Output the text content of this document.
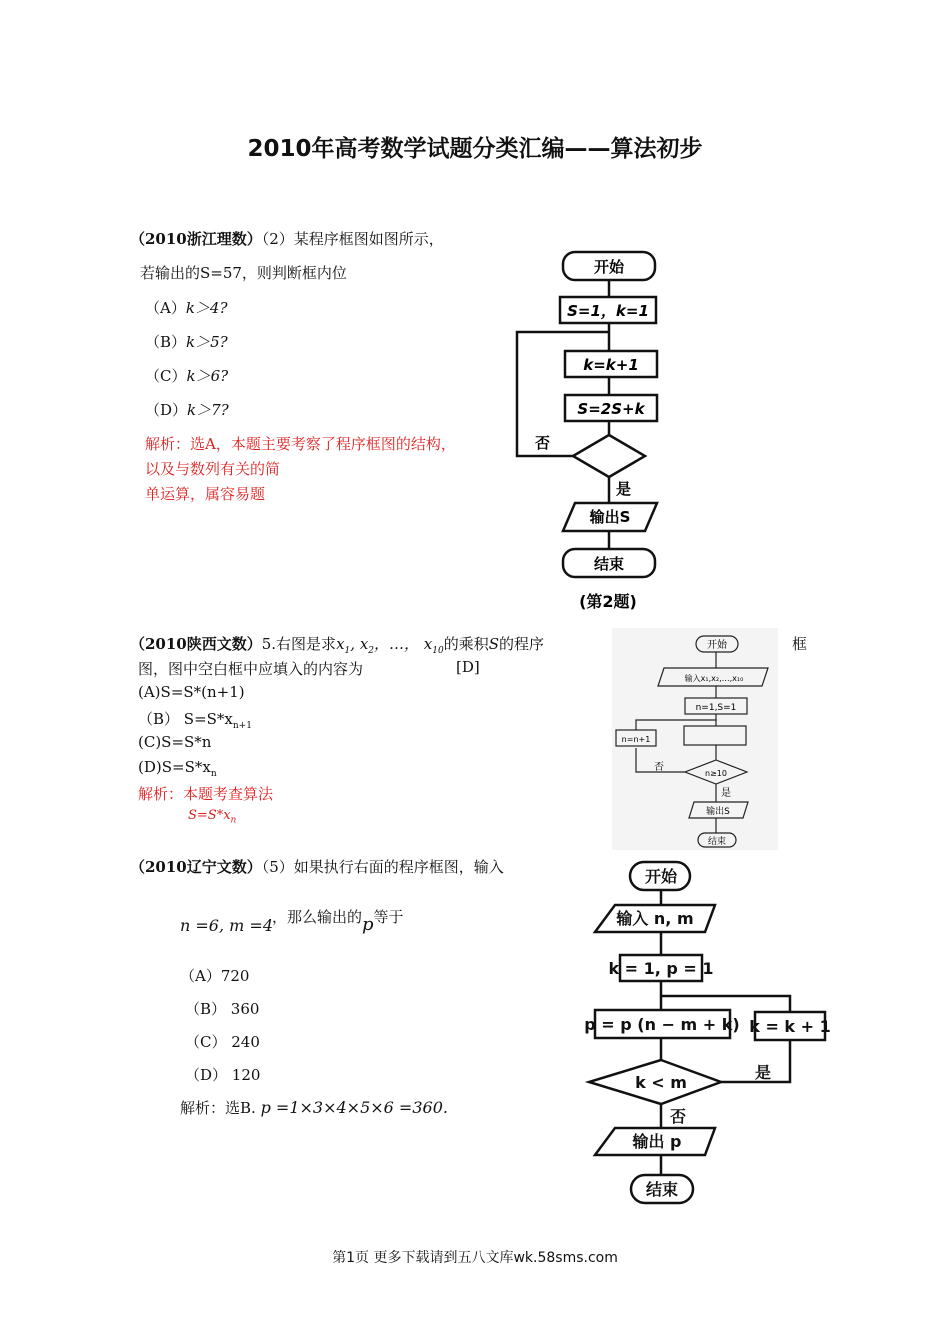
2010年高考数学试题分类汇编——算法初步
（2010浙江理数）（2）某程序框图如图所示，
若输出的S=57，则判断框内位
（A）k＞4?
（B）k＞5?
（C）k＞6?
（D）k＞7?
解析：选A，本题主要考察了程序框图的结构，
以及与数列有关的简
单运算，属容易题
开始
S=1，k=1
k=k+1
S=2S+k
否
是
输出S
结束
(第2题)
（2010陕西文数）5.右图是求$x_1$, $x_2$，…， $x_{10}$的乘积S的程序	框
图，图中空白框中应填入的内容为	[D]
(A)S=S*(n+1)
（B） $S=S*x_{n+1}$
(C)S=S*n
$(D)S=S*x_n$
解析：本题考查算法
$S=S*x_n$
开始
输入x₁,x₂,…,x₁₀
n=1,S=1
n=n+1
否
n≥10
是
输出S
结束
（2010辽宁文数）（5）如果执行右面的程序框图，输入
n =6, m =4 ，那么输出的p等于
（A）720
（B） 360
（C） 240
（D） 120
解析：选B. p =1×3×4×5×6 =360.
开始
输入 n, m
k = 1, p = 1
p = p (n − m + k) k = k + 1
k < m
是
否
输出 p
结束
第1页 更多下载请到五八文库wk.58sms.com
